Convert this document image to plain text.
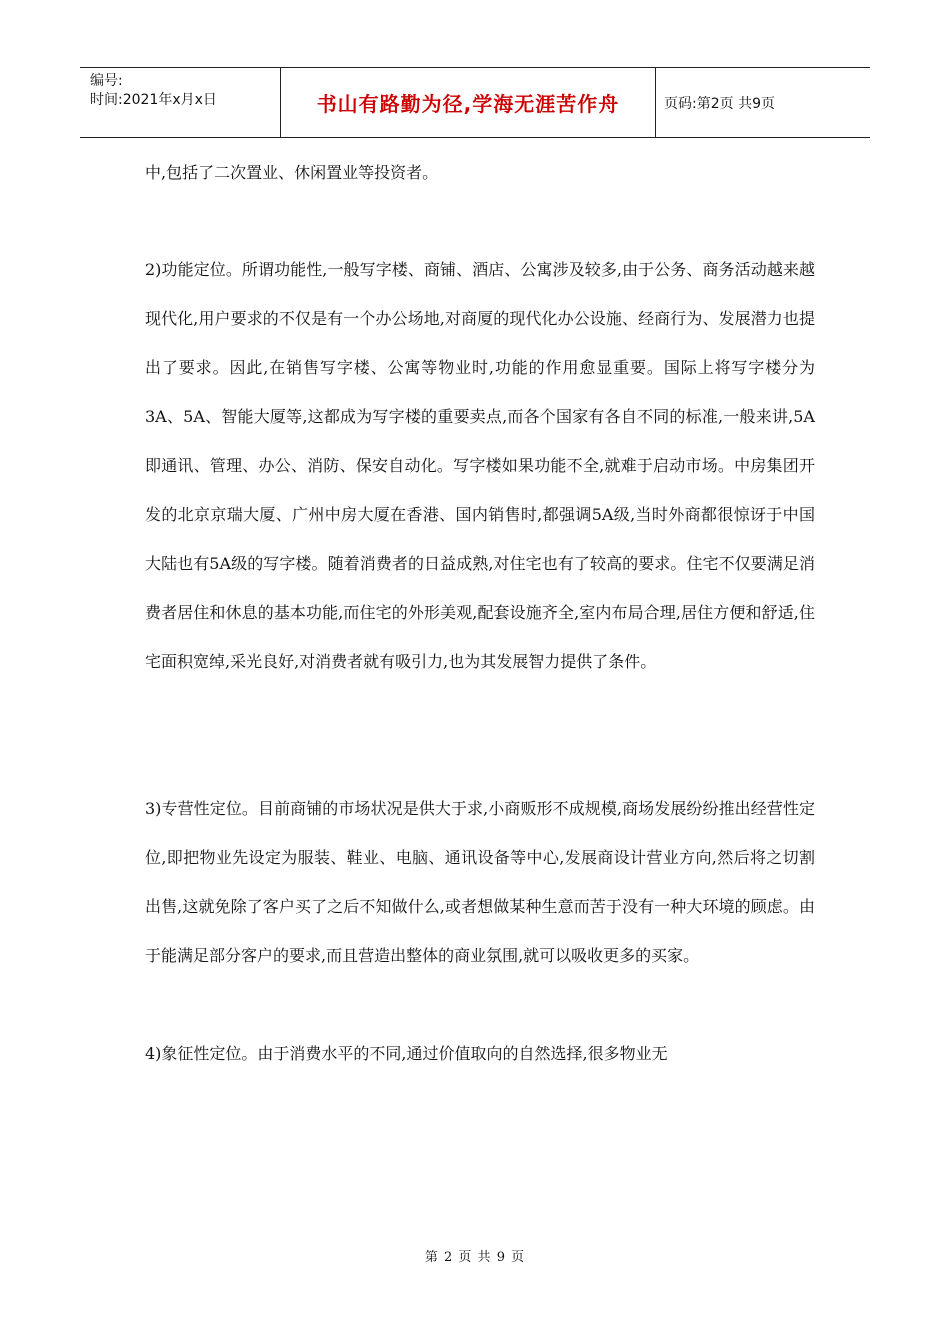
编号:
时间:2021年x月x日	书山有路勤为径,学海无涯苦作舟	页码:第2页 共9页

中,包括了二次置业、休闲置业等投资者。

2)功能定位。所谓功能性,一般写字楼、商铺、酒店、公寓涉及较多,由于公务、商务活动越来越现代化,用户要求的不仅是有一个办公场地,对商厦的现代化办公设施、经商行为、发展潜力也提出了要求。因此,在销售写字楼、公寓等物业时,功能的作用愈显重要。国际上将写字楼分为3A、5A、智能大厦等,这都成为写字楼的重要卖点,而各个国家有各自不同的标准,一般来讲,5A即通讯、管理、办公、消防、保安自动化。写字楼如果功能不全,就难于启动市场。中房集团开发的北京京瑞大厦、广州中房大厦在香港、国内销售时,都强调5A级,当时外商都很惊讶于中国大陆也有5A级的写字楼。随着消费者的日益成熟,对住宅也有了较高的要求。住宅不仅要满足消费者居住和休息的基本功能,而住宅的外形美观,配套设施齐全,室内布局合理,居住方便和舒适,住宅面积宽绰,采光良好,对消费者就有吸引力,也为其发展智力提供了条件。

3)专营性定位。目前商铺的市场状况是供大于求,小商贩形不成规模,商场发展纷纷推出经营性定位,即把物业先设定为服装、鞋业、电脑、通讯设备等中心,发展商设计营业方向,然后将之切割出售,这就免除了客户买了之后不知做什么,或者想做某种生意而苦于没有一种大环境的顾虑。由于能满足部分客户的要求,而且营造出整体的商业氛围,就可以吸收更多的买家。

4)象征性定位。由于消费水平的不同,通过价值取向的自然选择,很多物业无

第 2 页 共 9 页
